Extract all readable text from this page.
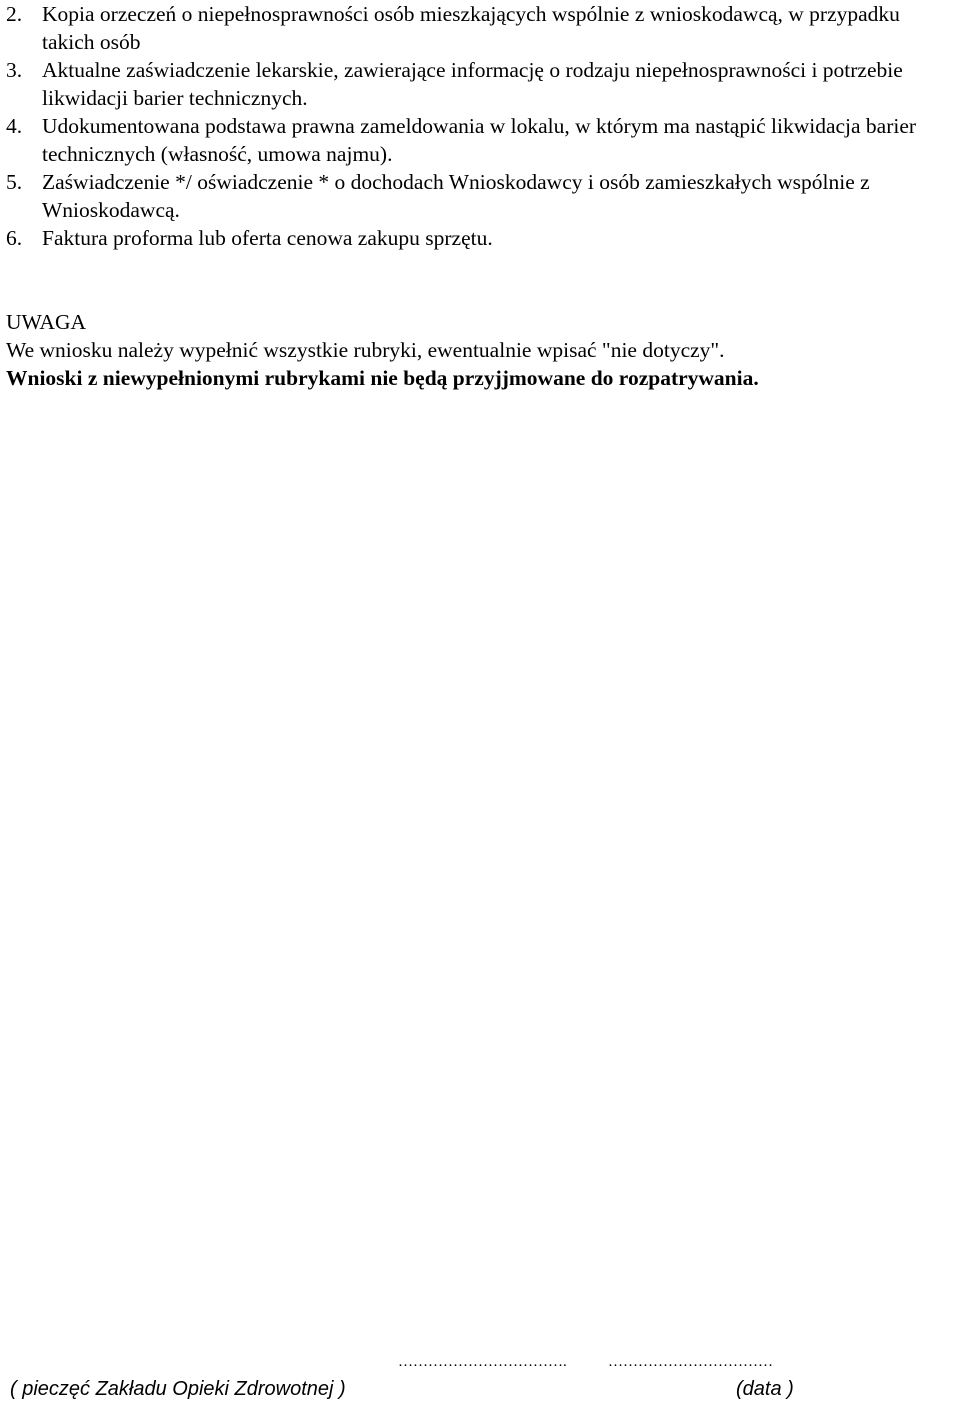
2. Kopia orzeczeń o niepełnosprawności osób mieszkających wspólnie z wnioskodawcą, w przypadku takich osób
3. Aktualne zaświadczenie lekarskie, zawierające informację o rodzaju niepełnosprawności i potrzebie likwidacji barier technicznych.
4. Udokumentowana podstawa prawna zameldowania w lokalu, w którym ma nastąpić likwidacja barier technicznych (własność, umowa najmu).
5. Zaświadczenie */ oświadczenie * o dochodach Wnioskodawcy i osób zamieszkałych wspólnie z Wnioskodawcą.
6. Faktura proforma lub oferta cenowa zakupu sprzętu.
UWAGA
We wniosku należy wypełnić wszystkie rubryki, ewentualnie wpisać "nie dotyczy".
Wnioski z niewypełnionymi rubrykami nie będą przyjjmowane do rozpatrywania.
…………………………….	……………………………
( pieczęć Zakładu Opieki Zdrowotnej )	(data )
